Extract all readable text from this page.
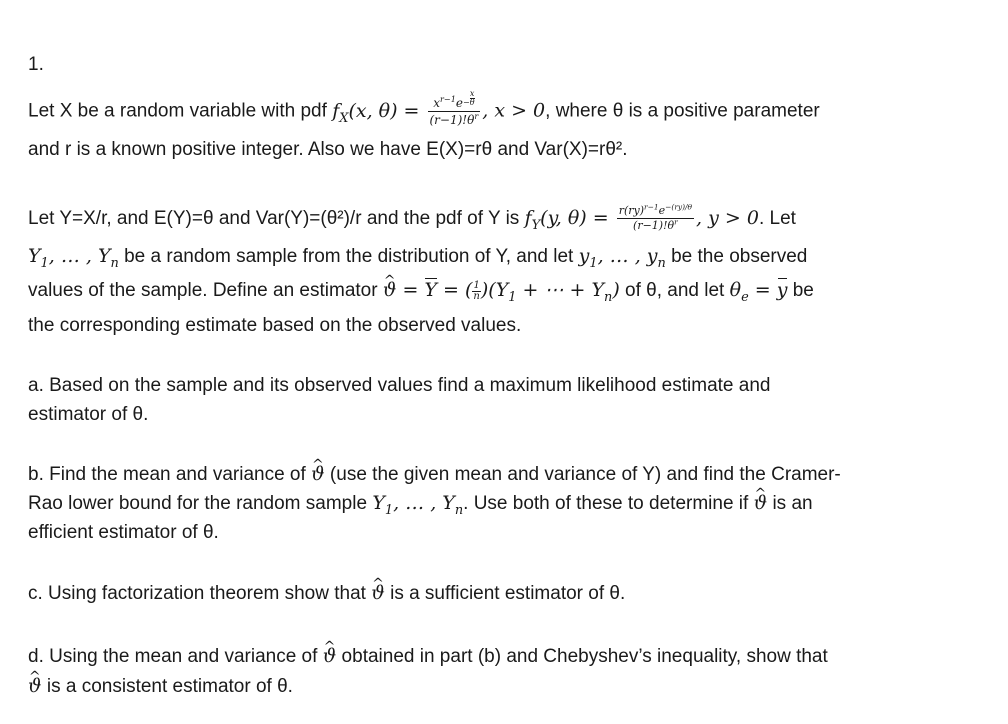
1.
Let X be a random variable with pdf $f_X(x$, $\theta) = \frac{x^{r-1}e- \frac{x}{\theta}}{(r-1)!\theta^r}$ , x > 0, where θ is a positive parameter
and r is a known positive integer. Also we have E(X)=rθ and Var(X)=rθ².
Let Y=X/r, and E(Y)=θ and Var(Y)=(θ²)/r and the pdf of Y is $f_Y(y$, $\theta) = \frac{r(ry)^{r-1}e^{-(ry)/\theta}}{(r-1)!\theta^r}$ , y > 0. Let
$Y_1$, … , $Y_n$ be a random sample from the distribution of Y, and let $y_1$, … , $y_n$ be the observed
values of the sample. Define an estimator ^ ϑ = Y = ( $\frac{1}{n} )(Y_1$ + ⋯ + $Y_n$) of θ, and let $\theta_e = y$ be
the corresponding estimate based on the observed values.
a. Based on the sample and its observed values find a maximum likelihood estimate and
estimator of θ.
b. Find the mean and variance of ^ ϑ (use the given mean and variance of Y) and find the Cramer-
Rao lower bound for the random sample $Y_1$, … , $Y_n$. Use both of these to determine if ^ ϑ is an
efficient estimator of θ.
c. Using factorization theorem show that ^ ϑ is a sufficient estimator of θ.
d. Using the mean and variance of ^ ϑ obtained in part (b) and Chebyshev’s inequality, show that
^ ϑ is a consistent estimator of θ.
